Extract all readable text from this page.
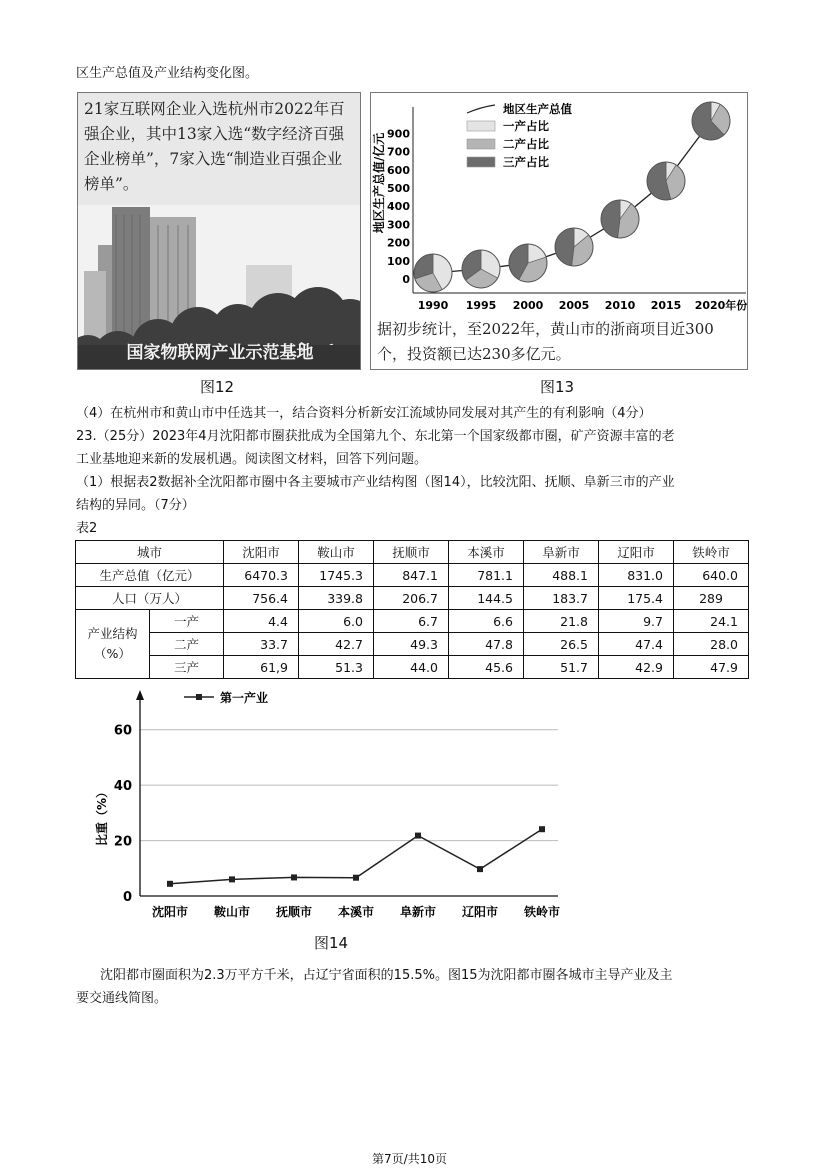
区生产总值及产业结构变化图。
21家互联网企业入选杭州市2022年百强企业，其中13家入选“数字经济百强企业榜单”，7家入选“制造业百强企业榜单”。
国家物联网产业示范基地
图12
地区生产总值/亿元
0
100
200
300
400
500
600
700
900
1990 1995 2000 2005 2010 2015 2020年份
地区生产总值
一产占比
二产占比
三产占比
据初步统计，至2022年，黄山市的浙商项目近300个，投资额已达230多亿元。
图13
（4）在杭州市和黄山市中任选其一，结合资料分析新安江流域协同发展对其产生的有利影响（4分）
23.（25分）2023年4月沈阳都市圈获批成为全国第九个、东北第一个国家级都市圈，矿产资源丰富的老
工业基地迎来新的发展机遇。阅读图文材料，回答下列问题。
（1）根据表2数据补全沈阳都市圈中各主要城市产业结构图（图14），比较沈阳、抚顺、阜新三市的产业
结构的异同。（7分）
表2
城市		沈阳市	鞍山市	抚顺市	本溪市	阜新市	辽阳市	铁岭市
生产总值（亿元）		6470.3	1745.3	847.1	781.1	488.1	831.0	640.0
人口（万人）		756.4	339.8	206.7	144.5	183.7	175.4	289

产业结构
（%）	一产	4.4	6.0	6.7	6.6	21.8	9.7	24.1
	二产	33.7	42.7	49.3	47.8	26.5	47.4	28.0
	三产	61,9	51.3	44.0	45.6	51.7	42.9	47.9
0
20
40
60
比重（%）
第一产业
沈阳市 鞍山市 抚顺市 本溪市 阜新市 辽阳市 铁岭市
图14
沈阳都市圈面积为2.3万平方千米，占辽宁省面积的15.5%。图15为沈阳都市圈各城市主导产业及主
要交通线简图。
第7页/共10页
